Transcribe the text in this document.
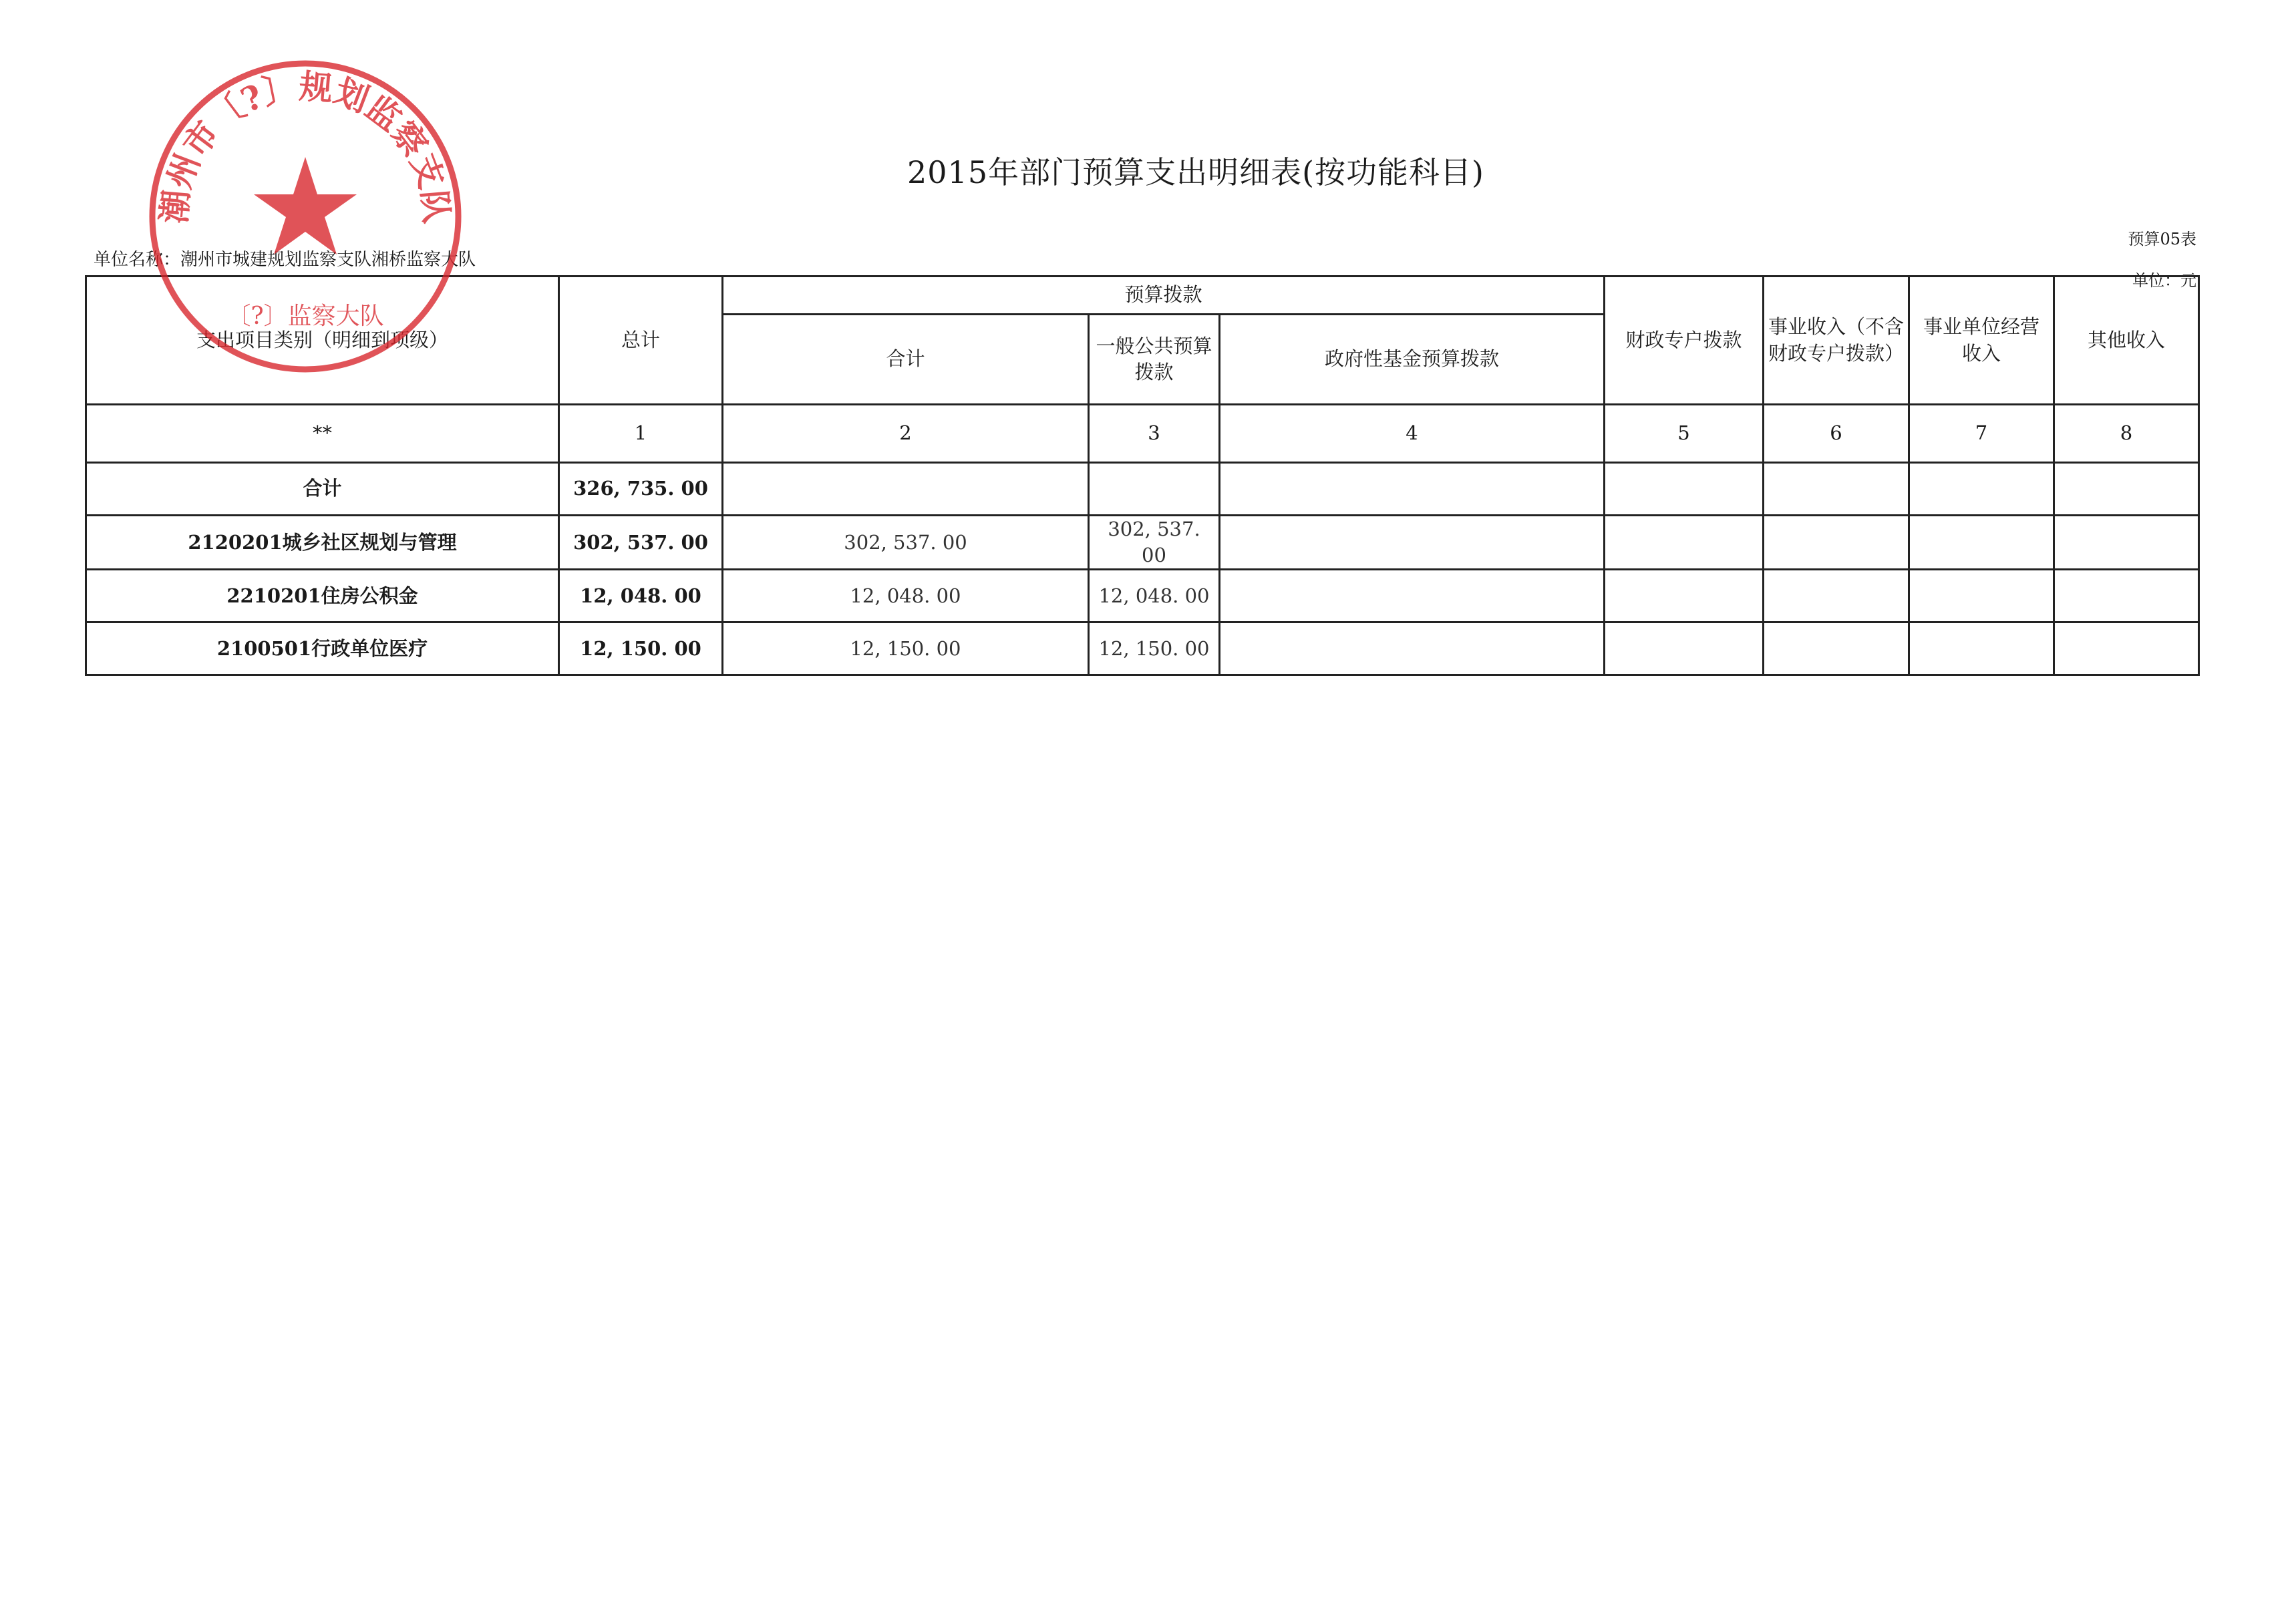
2015年部门预算支出明细表(按功能科目)
预算05表
单位：元
单位名称：潮州市城建规划监察支队湘桥监察大队
支出项目类别（明细到项级）	总计	预算拨款			财政专户拨款	事业收入（不含财政专户拨款）	事业单位经营收入	其他收入
		合计	一般公共预算拨款	政府性基金预算拨款				
**	1	2	3	4	5	6	7	8
合计	326, 735. 00							
2120201城乡社区规划与管理	302, 537. 00	302, 537. 00	302, 537. 00					
2210201住房公积金	12, 048. 00	12, 048. 00	12, 048. 00					
2100501行政单位医疗	12, 150. 00	12, 150. 00	12, 150. 00					
潮州市〔?〕规划监察支队
〔?〕监察大队
